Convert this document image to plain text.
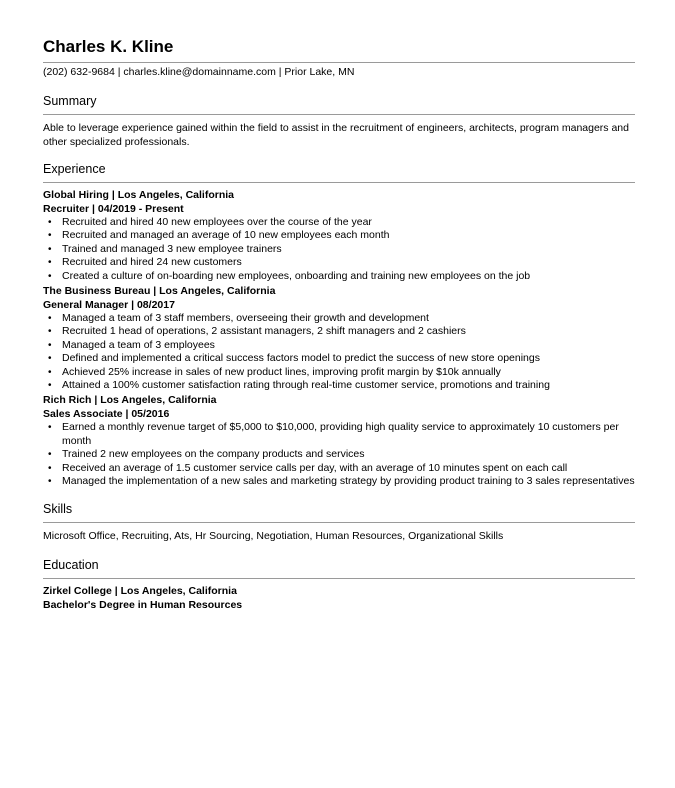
Charles K. Kline

(202) 632-9684 | charles.kline@domainname.com | Prior Lake, MN

Summary

Able to leverage experience gained within the field to assist in the recruitment of engineers, architects, program managers and other specialized professionals.

Experience

Global Hiring | Los Angeles, California

Recruiter | 04/2019 - Present

• Recruited and hired 40 new employees over the course of the year
• Recruited and managed an average of 10 new employees each month
• Trained and managed 3 new employee trainers
• Recruited and hired 24 new customers
• Created a culture of on-boarding new employees, onboarding and training new employees on the job

The Business Bureau | Los Angeles, California

General Manager | 08/2017

• Managed a team of 3 staff members, overseeing their growth and development
• Recruited 1 head of operations, 2 assistant managers, 2 shift managers and 2 cashiers
• Managed a team of 3 employees
• Defined and implemented a critical success factors model to predict the success of new store openings
• Achieved 25% increase in sales of new product lines, improving profit margin by $10k annually
• Attained a 100% customer satisfaction rating through real-time customer service, promotions and training

Rich Rich | Los Angeles, California

Sales Associate | 05/2016

• Earned a monthly revenue target of $5,000 to $10,000, providing high quality service to approximately 10 customers per month
• Trained 2 new employees on the company products and services
• Received an average of 1.5 customer service calls per day, with an average of 10 minutes spent on each call
• Managed the implementation of a new sales and marketing strategy by providing product training to 3 sales representatives
Skills

Microsoft Office, Recruiting, Ats, Hr Sourcing, Negotiation, Human Resources, Organizational Skills

Education

Zirkel College | Los Angeles, California

Bachelor's Degree in Human Resources
